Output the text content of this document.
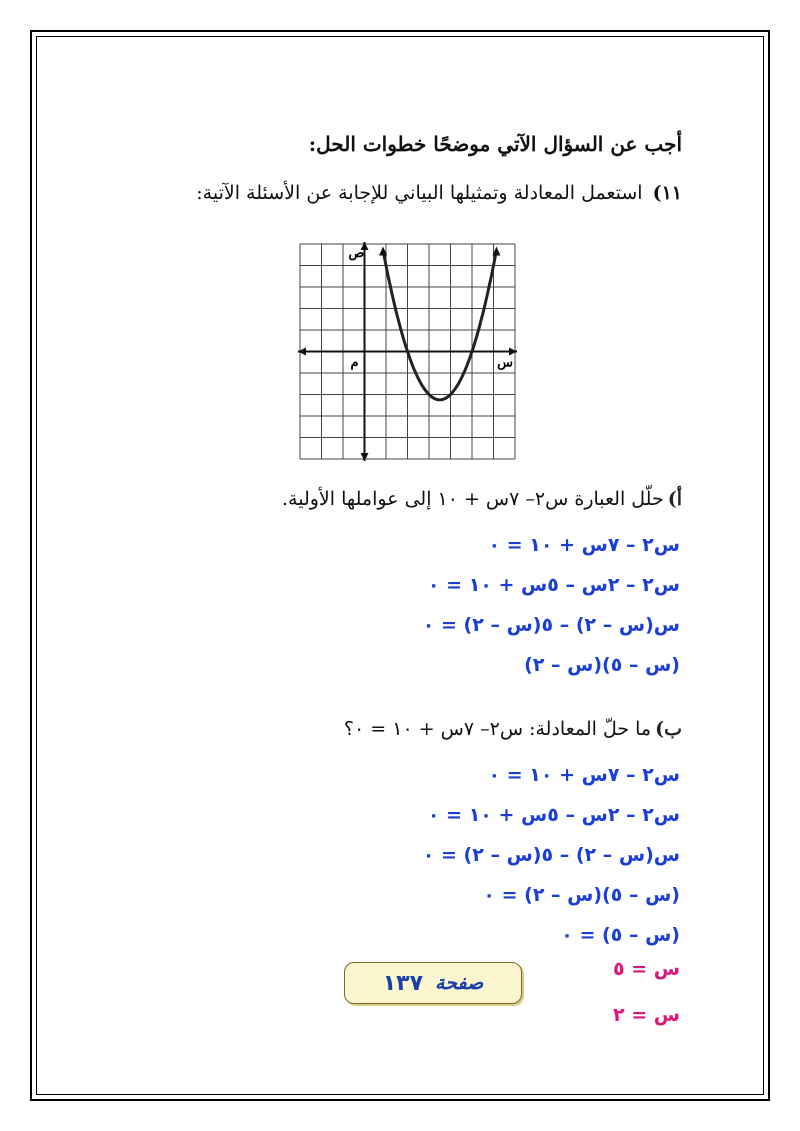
أجب عن السؤال الآتي موضحًا خطوات الحل:
١١)
استعمل المعادلة وتمثيلها البياني للإجابة عن الأسئلة الآتية:
ص
س
م
أ)
حلّل العبارة س٢– ٧س + ١٠ إلى عواملها الأولية.
س٢ – ٧س + ١٠ = ٠
س٢ – ٢س – ٥س + ١٠ = ٠
س(س – ٢) – ٥(س – ٢) = ٠
(س – ٥)(س – ٢)
ب)
ما حلّ المعادلة: س٢– ٧س + ١٠ = ٠؟
س٢ – ٧س + ١٠ = ٠
س٢ – ٢س – ٥س + ١٠ = ٠
س(س – ٢) – ٥(س – ٢) = ٠
(س – ٥)(س – ٢) = ٠
(س – ٥) = ٠
س = ٥
س = ٢
صفحة
١٣٧
